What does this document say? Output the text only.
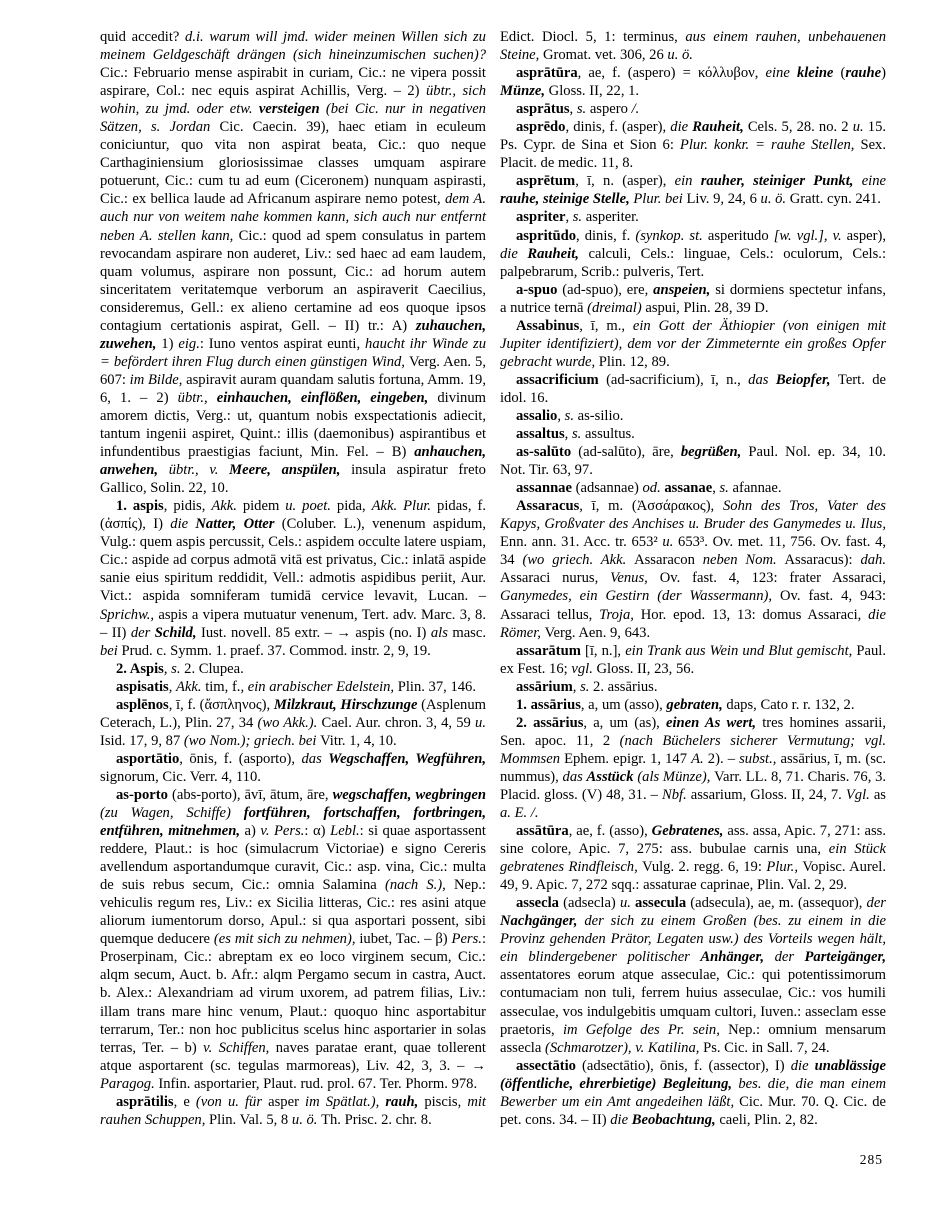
quid accedit? d.i. warum will jmd. wider meinen Willen sich zu meinem Geldgeschäft drängen (sich hineinzumischen suchen)? Cic.: Februario mense aspirabit in curiam, Cic.: ne vipera possit aspirare, Col.: nec equis aspirat Achillis, Verg. – 2) übtr., sich wohin, zu jmd. oder etw. versteigen (bei Cic. nur in negativen Sätzen, s. Jordan Cic. Caecin. 39), haec etiam in eculeum coniciuntur, quo vita non aspirat beata, Cic.: quo neque Carthaginiensium gloriosissimae classes umquam aspirare potuerunt, Cic.: cum tu ad eum (Ciceronem) nunquam aspirasti, Cic.: ex bellica laude ad Africanum aspirare nemo potest, dem A. auch nur von weitem nahe kommen kann, sich auch nur entfernt neben A. stellen kann, Cic.: quod ad spem consulatus in partem revocandam aspirare non auderet, Liv.: sed haec ad eam laudem, quam volumus, aspirare non possunt, Cic.: ad horum autem sinceritatem veritatemque verborum an aspiraverit Caecilius, consideremus, Gell.: ex alieno certamine ad eos quoque ipsos contagium certationis aspirat, Gell. – II) tr.: A) zuhauchen, zuwehen, 1) eig.: Iuno ventos aspirat eunti, haucht ihr Winde zu = befördert ihren Flug durch einen günstigen Wind, Verg. Aen. 5, 607: im Bilde, aspiravit auram quandam salutis fortuna, Amm. 19, 6, 1. – 2) übtr., einhauchen, einflößen, eingeben, divinum amorem dictis, Verg.: ut, quantum nobis exspectationis adiecit, tantum ingenii aspiret, Quint.: illis (daemonibus) aspirantibus et infundentibus praestigias faciunt, Min. Fel. – B) anhauchen, anwehen, übtr., v. Meere, anspülen, insula aspiratur freto Gallico, Solin. 22, 10.

1. aspis, pidis, Akk. pidem u. poet. pida, Akk. Plur. pidas, f. (ἀσπίς), I) die Natter, Otter (Coluber. L.), venenum aspidum, Vulg.: quem aspis percussit, Cels.: aspidem occulte latere uspiam, Cic.: aspide ad corpus admotā vitā est privatus, Cic.: inlatā aspide sanie eius spiritum reddidit, Vell.: admotis aspidibus periit, Aur. Vict.: aspida somniferam tumidā cervice levavit, Lucan. – Sprichw., aspis a vipera mutuatur venenum, Tert. adv. Marc. 3, 8. – II) der Schild, Iust. novell. 85 extr. – → aspis (no. I) als masc. bei Prud. c. Symm. 1. praef. 37. Commod. instr. 2, 9, 19.

2. Aspis, s. 2. Clupea.

aspisatis, Akk. tim, f., ein arabischer Edelstein, Plin. 37, 146.

asplēnos, ī, f. (ἄσπληνος), Milzkraut, Hirschzunge (Asplenum Ceterach, L.), Plin. 27, 34 (wo Akk.). Cael. Aur. chron. 3, 4, 59 u. Isid. 17, 9, 87 (wo Nom.); griech. bei Vitr. 1, 4, 10.

asportātio, ōnis, f. (asporto), das Wegschaffen, Wegführen, signorum, Cic. Verr. 4, 110.

as-porto (abs-porto), āvī, ātum, āre, wegschaffen, wegbringen (zu Wagen, Schiffe) fortführen, fortschaffen, fortbringen, entführen, mitnehmen, a) v. Pers.: α) Lebl.: si quae asportassent reddere, Plaut.: is hoc (simulacrum Victoriae) e signo Cereris avellendum asportandumque curavit, Cic.: asp. vina, Cic.: multa de suis rebus secum, Cic.: omnia Salamina (nach S.), Nep.: vehiculis regum res, Liv.: ex Sicilia litteras, Cic.: res asini atque aliorum iumentorum dorso, Apul.: si qua asportari possent, sibi quemque deducere (es mit sich zu nehmen), iubet, Tac. – β) Pers.: Proserpinam, Cic.: abreptam ex eo loco virginem secum, Cic.: alqm secum, Auct. b. Afr.: alqm Pergamo secum in castra, Auct. b. Alex.: Alexandriam ad virum uxorem, ad patrem filias, Liv.: illam trans mare hinc venum, Plaut.: quoquo hinc asportabitur terrarum, Ter.: non hoc publicitus scelus hinc asportarier in solas terras, Ter. – b) v. Schiffen, naves paratae erant, quae tollerent atque asportarent (sc. tegulas marmoreas), Liv. 42, 3, 3. – → Paragog. Infin. asportarier, Plaut. rud. prol. 67. Ter. Phorm. 978.

asprātilis, e (von u. für asper im Spätlat.), rauh, piscis, mit rauhen Schuppen, Plin. Val. 5, 8 u. ö. Th. Prisc. 2. chr. 8.

Edict. Diocl. 5, 1: terminus, aus einem rauhen, unbehauenen Steine, Gromat. vet. 306, 26 u. ö.

asprātūra, ae, f. (aspero) = κόλλυβον, eine kleine (rauhe) Münze, Gloss. II, 22, 1.

asprātus, s. aspero /.

asprēdo, dinis, f. (asper), die Rauheit, Cels. 5, 28. no. 2 u. 15. Ps. Cypr. de Sina et Sion 6: Plur. konkr. = rauhe Stellen, Sex. Placit. de medic. 11, 8.

asprētum, ī, n. (asper), ein rauher, steiniger Punkt, eine rauhe, steinige Stelle, Plur. bei Liv. 9, 24, 6 u. ö. Gratt. cyn. 241.

aspriter, s. asperiter.

aspritūdo, dinis, f. (synkop. st. asperitudo [w. vgl.], v. asper), die Rauheit, calculi, Cels.: linguae, Cels.: oculorum, Cels.: palpebrarum, Scrib.: pulveris, Tert.

a-spuo (ad-spuo), ere, anspeien, si dormiens spectetur infans, a nutrice ternā (dreimal) aspui, Plin. 28, 39 D.

Assabinus, ī, m., ein Gott der Äthiopier (von einigen mit Jupiter identifiziert), dem vor der Zimmeternte ein großes Opfer gebracht wurde, Plin. 12, 89.

assacrificium (ad-sacrificium), ī, n., das Beiopfer, Tert. de idol. 16.

assalio, s. as-silio.

assaltus, s. assultus.

as-salūto (ad-salūto), āre, begrüßen, Paul. Nol. ep. 34, 10. Not. Tir. 63, 97.

assannae (adsannae) od. assanae, s. afannae.

Assaracus, ī, m. (Ἀσσάρακος), Sohn des Tros, Vater des Kapys, Großvater des Anchises u. Bruder des Ganymedes u. Ilus, Enn. ann. 31. Acc. tr. 653² u. 653³. Ov. met. 11, 756. Ov. fast. 4, 34 (wo griech. Akk. Assaracon neben Nom. Assaracus): dah. Assaraci nurus, Venus, Ov. fast. 4, 123: frater Assaraci, Ganymedes, ein Gestirn (der Wassermann), Ov. fast. 4, 943: Assaraci tellus, Troja, Hor. epod. 13, 13: domus Assaraci, die Römer, Verg. Aen. 9, 643.

assarātum [ī, n.], ein Trank aus Wein und Blut gemischt, Paul. ex Fest. 16; vgl. Gloss. II, 23, 56.

assārium, s. 2. assārius.

1. assārius, a, um (asso), gebraten, daps, Cato r. r. 132, 2.

2. assārius, a, um (as), einen As wert, tres homines assarii, Sen. apoc. 11, 2 (nach Büchelers sicherer Vermutung; vgl. Mommsen Ephem. epigr. 1, 147 A. 2). – subst., assārius, ī, m. (sc. nummus), das Asstück (als Münze), Varr. LL. 8, 71. Charis. 76, 3. Placid. gloss. (V) 48, 31. – Nbf. assarium, Gloss. II, 24, 7. Vgl. as a. E. /.

assātūra, ae, f. (asso), Gebratenes, ass. assa, Apic. 7, 271: ass. sine colore, Apic. 7, 275: ass. bubulae carnis una, ein Stück gebratenes Rindfleisch, Vulg. 2. regg. 6, 19: Plur., Vopisc. Aurel. 49, 9. Apic. 7, 272 sqq.: assaturae caprinae, Plin. Val. 2, 29.

assecla (adsecla) u. assecula (adsecula), ae, m. (assequor), der Nachgänger, der sich zu einem Großen (bes. zu einem in die Provinz gehenden Prätor, Legaten usw.) des Vorteils wegen hält, ein blindergebener politischer Anhänger, der Parteigänger, assentatores eorum atque asseculae, Cic.: qui potentissimorum contumaciam non tuli, ferrem huius asseculae, Cic.: vos humili asseculae, vos indulgebitis umquam cultori, Iuven.: asseclam esse praetoris, im Gefolge des Pr. sein, Nep.: omnium mensarum assecla (Schmarotzer), v. Katilina, Ps. Cic. in Sall. 7, 24.

assectātio (adsectātio), ōnis, f. (assector), I) die unablässige (öffentliche, ehrerbietige) Begleitung, bes. die, die man einem Bewerber um ein Amt angedeihen läßt, Cic. Mur. 70. Q. Cic. de pet. cons. 34. – II) die Beobachtung, caeli, Plin. 2, 82.

285
